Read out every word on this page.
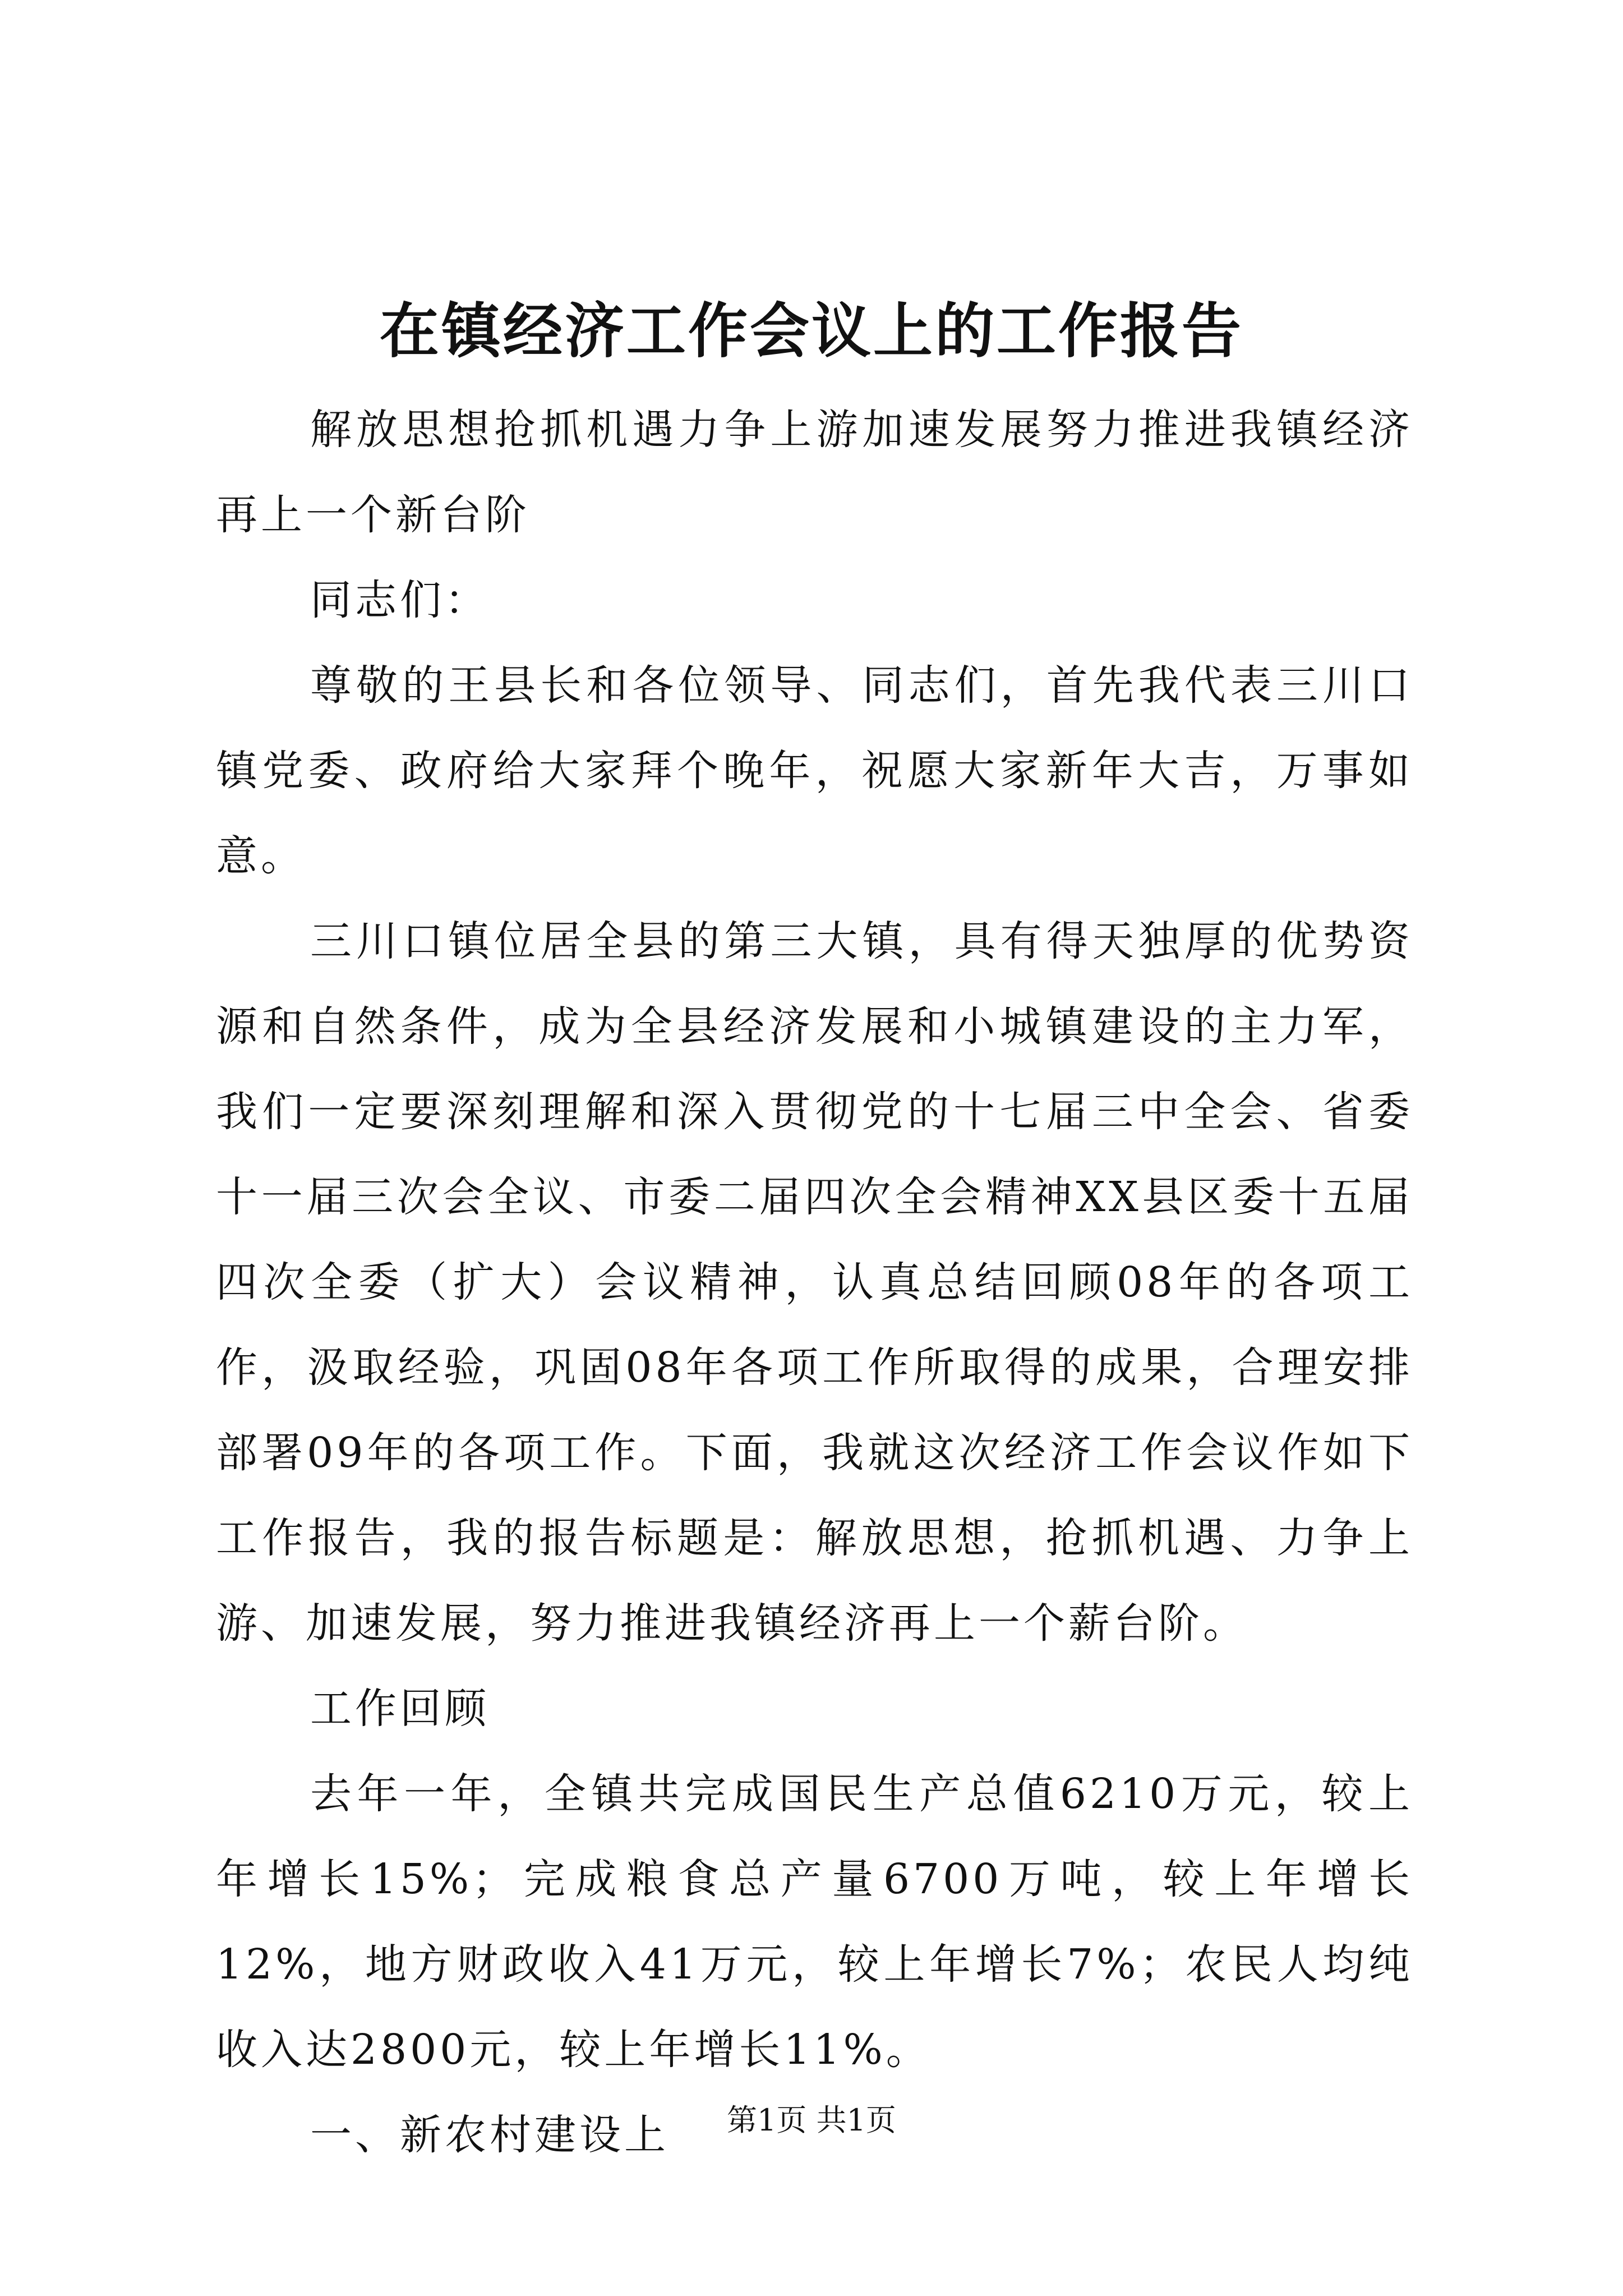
在镇经济工作会议上的工作报告

解放思想抢抓机遇力争上游加速发展努力推进我镇经济再上一个新台阶

同志们：

尊敬的王县长和各位领导、同志们，首先我代表三川口镇党委、政府给大家拜个晚年，祝愿大家新年大吉，万事如意。

三川口镇位居全县的第三大镇，具有得天独厚的优势资源和自然条件，成为全县经济发展和小城镇建设的主力军，我们一定要深刻理解和深入贯彻党的十七届三中全会、省委十一届三次会全议、市委二届四次全会精神XX县区委十五届四次全委（扩大）会议精神，认真总结回顾08年的各项工作，汲取经验，巩固08年各项工作所取得的成果，合理安排部署09年的各项工作。下面，我就这次经济工作会议作如下工作报告，我的报告标题是：解放思想，抢抓机遇、力争上游、加速发展，努力推进我镇经济再上一个薪台阶。

工作回顾

去年一年，全镇共完成国民生产总值6210万元，较上年增长15%；完成粮食总产量6700万吨，较上年增长12%，地方财政收入41万元，较上年增长7%；农民人均纯收入达2800元，较上年增长11%。

一、新农村建设上	第1页 共1页
